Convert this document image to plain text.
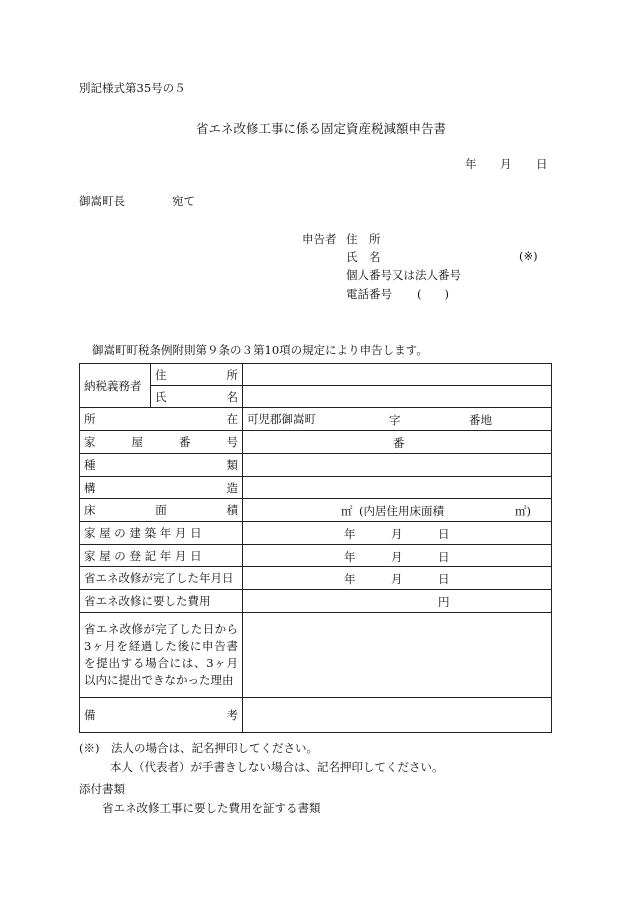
別記様式第35号の５
省エネ改修工事に係る固定資産税減額申告書
年 月 日
御嵩町長	宛て
申告者 住　所
氏　名	(※)
個人番号又は法人番号
電話番号 (　　)
御嵩町町税条例附則第９条の３第10項の規定により申告します。
納税義務者	住 所	

	氏 名	

所 在		可児郡御嵩町 字 番地

家 屋 番 号		番

種 類		

構 造		

床 面 積		㎡ (内居住用床面積 ㎡)

家 屋 の 建 築 年 月 日		年 月 日

家 屋 の 登 記 年 月 日		年 月 日

省エネ改修が完了した年月日		年 月 日

省エネ改修に要した費用		円

省エネ改修が完了した日から3ヶ月を経過した後に申告書を提出する場合には、3ヶ月以内に提出できなかった理由		

備 考		

(※)　法人の場合は、記名押印してください。
本人（代表者）が手書きしない場合は、記名押印してください。
添付書類
省エネ改修工事に要した費用を証する書類
